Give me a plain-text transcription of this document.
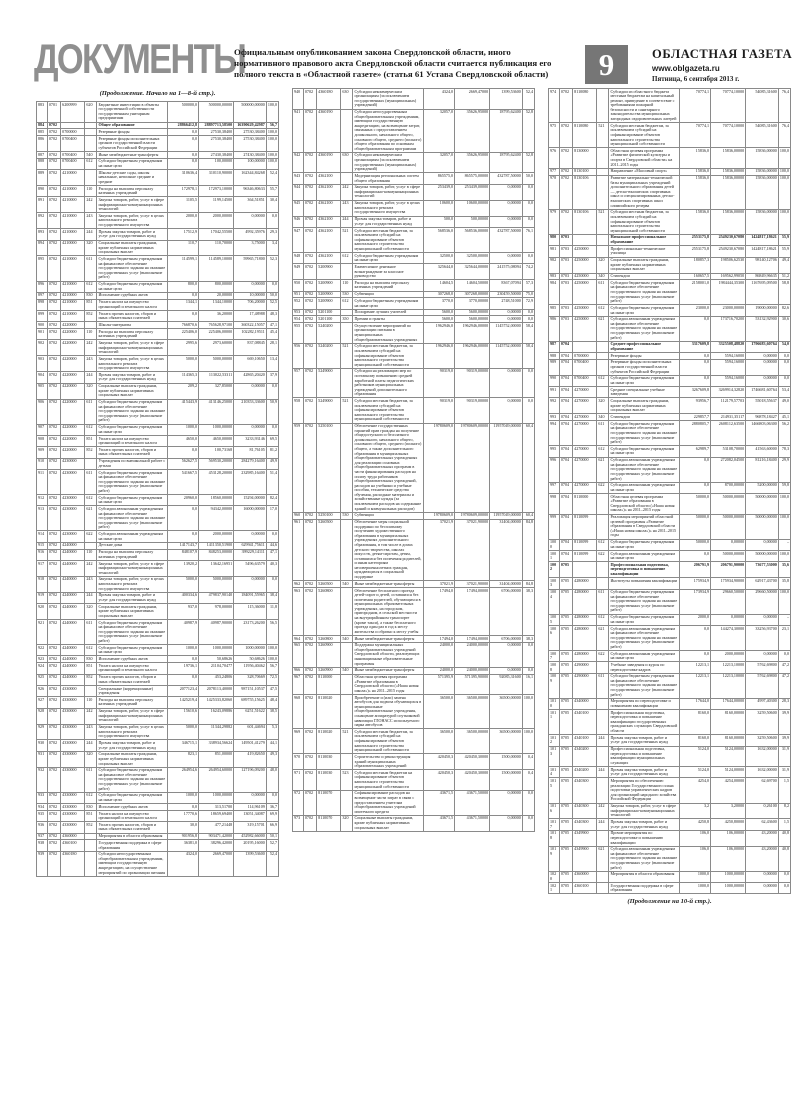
ДОКУМЕНТЫ
Официальным опубликованием закона Свердловской области, иного нормативного правового акта Свердловской области считается публикация его полного текста в «Областной газете» (статья 61 Устава Свердловской области)	9	ОБЛАСТНАЯ ГАЗЕТА
www.oblgazeta.ru
Пятница, 6 сентября 2013 г.
(Продолжение. Начало на 1—8-й стр.).
883	0701	6200999	620	Бюджетные инвестиции в объекты государственной собственности государственным унитарным предприятиям	500000,0	500000,00000	500000,00000	100,0
884	0702			Общее образование	28866412,8	28897713,58500	16390629,42987	56,7
885	0702	0700000		Резервные фонды	0,0	27530,38400	27530,38400	100,0
886	0702	0700400		Резервные фонды исполнительных органов государственной власти субъектов Российской Федерации	0,0	27530,38400	27530,38400	100,0
887	0702	0700400	540	Иные межбюджетные трансферты	0,0	27430,38400	27430,38400	100,0
888	0702	0700400	612	Субсидии бюджетным учреждениям на иные цели	0,0	100,00000	100,00000	100,0
889	0702	4210000		Школы-детские сады, школы начальные, неполные средние и средние	310636,4	310110,90000	162344,84268	52,4
890	0702	4210000	110	Расходы на выплаты персоналу казенных учреждений	172978,1	172973,10000	96346,80633	55,7
891	0702	4210000	242	Закупка товаров, работ, услуг в сфере информационно-коммуникационных технологий	1105,5	1199,14500	364,51851	30,4
892	0702	4210000	243	Закупка товаров, работ, услуг в целях капитального ремонта государственного имущества	2000,0	2000,00000	0,00000	0,0
893	0702	4210000	244	Прочая закупка товаров, работ и услуг для государственных нужд	17512,9	17042,55500	4992,35976	29,3
894	0702	4210000	320	Социальные выплаты гражданам, кроме публичных нормативных социальных выплат	110,7	110,70000	3,75000	3,4
895	0702	4210000	611	Субсидии бюджетным учреждениям на финансовое обеспечение государственного задания на оказание государственных услуг (выполнение работ)	114599,1	114589,10000	59965,71800	52,3
896	0702	4210000	612	Субсидии бюджетным учреждениям на иные цели	800,0	800,00000	0,00000	0,0
897	0702	4210000	830	Исполнение судебных актов	0,0	20,00000	10,00000	50,0
898	0702	4210000	851	Уплата налога на имущество организаций и земельного налога	1344,1	1344,10000	706,20000	52,5
899	0702	4210000	852	Уплата прочих налогов, сборов и иных обязательных платежей	0,0	36,20000	17,48988	48,3
900	0702	4220000		Школы-интернаты	766870,6	765628,97100	360322,15057	47,1
901	0702	4220000	110	Расходы на выплаты персоналу казенных учреждений	225406,0	225406,00000	102282,19511	45,4
902	0702	4220000	242	Закупка товаров, работ, услуг в сфере информационно-коммуникационных технологий	2995,6	2973,60000	837,08845	28,1
903	0702	4220000	243	Закупка товаров, работ, услуг в целях капитального ремонта государственного имущества	5000,0	5000,00000	669,10650	13,4
904	0702	4220000	244	Прочая закупка товаров, работ и услуг для государственных нужд	114365,3	113022,53311	42865,20420	37,9
905	0702	4220000	320	Социальные выплаты гражданам, кроме публичных нормативных социальных выплат	209,2	327,85000	0,00000	0,0
906	0702	4220000	611	Субсидии бюджетным учреждениям на финансовое обеспечение государственного задания на оказание государственных услуг (выполнение работ)	415443,9	413146,25000	210353,33600	50,9
907	0702	4220000	612	Субсидии бюджетным учреждениям на иные цели	1000,0	1000,00000	0,00000	0,0
908	0702	4220000	851	Уплата налога на имущество организаций и земельного налога	4650,0	4650,00000	3233,93146	69,5
909	0702	4220000	852	Уплата прочих налогов, сборов и иных обязательных платежей	0,0	100,73168	81,76105	81,2
910	0702	4230000		Учреждения по внешкольной работе с детьми	562627,5	569530,20000	284279,16400	49,9
911	0702	4230000	611	Субсидии бюджетным учреждениям на финансовое обеспечение государственного задания на оказание государственных услуг (выполнение работ)	541667,5	453128,20000	232985,16400	51,4
912	0702	4230000	612	Субсидии бюджетным учреждениям на иные цели	20960,0	18560,00000	15294,00000	82,4
913	0702	4230000	621	Субсидии автономным учреждениям на финансовое обеспечение государственного задания на оказание государственных услуг (выполнение работ)	0,0	94342,00000	16000,00000	17,0
914	0702	4230000	622	Субсидии автономным учреждениям на иные цели	0,0	2000,00000	0,00000	0,0
915	0702	4240000		Детские дома	1417143,7	1411350,51900	629941,75611	44,6
916	0702	4240000	110	Расходы на выплаты персоналу казенных учреждений	848107,9	848253,00000	399229,14111	47,1
917	0702	4240000	242	Закупка товаров, работ, услуг в сфере информационно-коммуникационных технологий	13920,2	13642,16951	5496,63579	40,3
918	0702	4240000	243	Закупка товаров, работ, услуг в целях капитального ремонта государственного имущества	5000,0	5000,00000	0,00000	0,0
919	0702	4240000	244	Прочая закупка товаров, работ и услуг для государственных нужд	400334,6	479837,90140	184091,55965	38,4
920	0702	4240000	320	Социальные выплаты гражданам, кроме публичных нормативных социальных выплат	937,0	978,00000	115,36000	11,8
921	0702	4240000	611	Субсидии бюджетным учреждениям на финансовое обеспечение государственного задания на оказание государственных услуг (выполнение работ)	40987,9	40987,90000	23173,26200	56,5
922	0702	4240000	612	Субсидии бюджетным учреждениям на иные цели	1000,0	1000,00000	1000,00000	100,0
923	0702	4240000	830	Исполнение судебных актов	0,0	50,68626	50,68626	100,0
924	0702	4240000	851	Уплата налога на имущество организаций и земельного налога	19736,1	21104,70477	11956,40462	56,7
925	0702	4240000	852	Уплата прочих налогов, сборов и иных обязательных платежей	0,0	453,24806	328,70669	72,5
926	0702	4330000		Специальные (коррекционные) учреждения	2077123,4	2078113,40000	987151,10537	47,5
927	0702	4330000	110	Расходы на выплаты персоналу казенных учреждений	1425219,4	1425333,82060	689755,15625	48,4
928	0702	4330000	242	Закупка товаров, работ, услуг в сфере информационно-коммуникационных технологий	15610,6	16243,09886	6251,51622	38,5
929	0702	4330000	243	Закупка товаров, работ, услуг в целях капитального ремонта государственного имущества	5000,0	11344,29882	601,44694	5,3
930	0702	4330000	244	Прочая закупка товаров, работ и услуг для государственных нужд	346715,1	338934,56624	149501,41279	44,1
931	0702	4330000	320	Социальные выплаты гражданам, кроме публичных нормативных социальных выплат	823,1	851,00000	419,82650	49,3
932	0702	4330000	611	Субсидии бюджетным учреждениям на финансовое обеспечение государственного задания на оказание государственных услуг (выполнение работ)	264954,6	264954,60000	127196,09200	48,0
933	0702	4330000	612	Субсидии бюджетным учреждениям на иные цели	1000,0	1000,00000	0,00000	0,0
934	0702	4330000	830	Исполнение судебных актов	0,0	313,51700	114,96109	36,7
935	0702	4330000	851	Уплата налога на имущество организаций и земельного налога	17770,6	18659,69400	13051,34087	69,9
936	0702	4330000	852	Уплата прочих налогов, сборов и иных обязательных платежей	30,0	477,21448	319,15701	66,9
937	0702	4360000		Мероприятия в области образования	901956,8	903471,42000	452982,66000	50,1
938	0702	4360100		Государственная поддержка в сфере образования	36381,0	38296,42000	20195,16000	52,7
939	0702	4360180		Субсидии негосударственным общеобразовательным учреждениям, имеющим государственную аккредитацию, на осуществление мероприятий по организации питания	4324,0	2669,47000	1399,53600	52,4
940	0702	4360180	630	Субсидии некоммерческим организациям (за исключением государственных (муниципальных) учреждений)	4324,0	2669,47000	1399,53600	52,4
941	0702	4360190		Субсидии негосударственным общеобразовательным учреждениям, имеющим государственную аккредитацию, на возмещение затрат, связанных с предоставлением дошкольного, начального общего, основного общего, среднего (полного) общего образования по основным общеобразовательным программам	32057,0	35626,95000	18795,62400	52,8
942	0702	4360190	630	Субсидии некоммерческим организациям (за исключением государственных (муниципальных) учреждений)	32057,0	35626,95000	18795,62400	52,8
943	0702	4362100		Модернизация региональных систем общего образования	865575,0	865575,00000	432787,50000	50,0
944	0702	4362100	242	Закупка товаров, работ, услуг в сфере информационно-коммуникационных технологий	253439,0	253439,00000	0,00000	0,0
945	0702	4362100	243	Закупка товаров, работ, услуг в целях капитального ремонта государственного имущества	10600,0	10600,00000	0,00000	0,0
946	0702	4362100	244	Прочая закупка товаров, работ и услуг для государственных нужд	500,0	500,00000	0,00000	0,0
947	0702	4362100	521	Субсидии местным бюджетам, за исключением субсидий на софинансирование объектов капитального строительства муниципальной собственности	568536,0	568536,00000	432787,50000	76,1
948	0702	4362100	612	Субсидии бюджетным учреждениям на иные цели	32500,0	32500,00000	0,00000	0,0
949	0702	5200900		Ежемесячное денежное вознаграждение за классное руководство	325644,0	325644,00000	241575,08094	74,2
950	0702	5200900	110	Расходы на выплаты персоналу казенных учреждений	14604,5	14604,50000	8367,07094	57,3
951	0702	5200900	530	Субвенции	307268,0	307268,00000	230459,50000	75,0
952	0702	5200900	612	Субсидии бюджетным учреждениям на иные цели	3770,0	3770,00000	2748,51000	72,9
953	0702	5201100		Поощрение лучших учителей	5600,0	5600,00000	0,00000	0,0
954	0702	5201100	350	Премии и гранты	5600,0	5600,00000	0,00000	0,0
955	0702	5240200		Осуществление мероприятий по организации питания в муниципальных общеобразовательных учреждениях	1962946,0	1962946,00000	1145752,00000	58,4
956	0702	5240200	521	Субсидии местным бюджетам, за исключением субсидий на софинансирование объектов капитального строительства муниципальной собственности	1962946,0	1962946,00000	1145752,00000	58,4
957	0702	5249000		Субсидии на реализацию мер по поэтапному повышению средней заработной платы педагогических работников муниципальных учреждений дополнительного образования	90319,0	90319,00000	0,00000	0,0
958	0702	5249000	521	Субсидии местным бюджетам, за исключением субсидий на софинансирование объектов капитального строительства муниципальной собственности	90319,0	90319,00000	0,00000	0,0
959	0702	5250100		Обеспечение государственных гарантий прав граждан на получение общедоступного и бесплатного дошкольного, начального общего, основного общего, среднего (полного) общего, а также дополнительного образования в муниципальных общеобразовательных учреждениях для реализации основных общеобразовательных программ в части финансирования расходов на оплату труда работников общеобразовательных учреждений, расходов на учебники и учебные пособия, технические средства обучения, расходные материалы и хозяйственные нужды (за исключением расходов на содержание зданий и коммунальных расходов)	19780609,0	19780609,00000	11957049,00000	60,4
960	0702	5250100	530	Субвенции	19780609,0	19780609,00000	11957049,00000	60,4
961	0702	5260500		Обеспечение меры социальной поддержки по бесплатному получению художественного образования в муниципальных учреждениях дополнительного образования, в том числе в домах детского творчества, школах искусств, детям-сиротам, детям, оставшимся без попечения родителей, и иным категориям несовершеннолетних граждан, нуждающихся в социальной поддержке	37021,9	37021,90000	31404,00000	84,8
962	0702	5260500	540	Иные межбюджетные трансферты	37021,9	37021,90000	31404,00000	84,8
963	0702	5260800		Обеспечение бесплатного проезда детей-сирот и детей, оставшихся без попечения родителей, обучающихся в муниципальных образовательных учреждениях, на городском, пригородном, в сельской местности на внутрирайонном транспорте (кроме такси), а также бесплатного проезда один раз в год к месту жительства и обратно к месту учебы	17494,0	17494,00000	6706,00000	38,3
964	0702	5260800	540	Иные межбюджетные трансферты	17494,0	17494,00000	6706,00000	38,3
965	0702	5260900		Поддержка муниципальных общеобразовательных учреждений Свердловской области, реализующих инновационные образовательные программы	24000,0	24000,00000	0,00000	0,0
966	0702	5260900	540	Иные межбюджетные трансферты	24000,0	24000,00000	0,00000	0,0
967	0702	8110000		Областная целевая программа «Развитие образования в Свердловской области («Наша новая школа»)» на 2011–2015 годы	571395,9	571395,90000	92085,31600	16,1
968	0702	8110020		Приобретение и (или) замена автобусов для подвоза обучающихся в муниципальные общеобразовательные учреждения, оснащение аппаратурой спутниковой навигации ГЛОНАСС используемого парка автобусов	36500,0	36500,00000	36500,00000	100,0
969	0702	8110020	521	Субсидии местным бюджетам, за исключением субсидий на софинансирование объектов капитального строительства муниципальной собственности	36500,0	36500,00000	36500,00000	100,0
970	0702	8110030		Строительство и реконструкция зданий муниципальных образовательных учреждений	420450,3	420450,30000	1500,00000	0,4
971	0702	8110030	523	Субсидии местным бюджетам на софинансирование объектов капитального строительства муниципальной собственности	420450,3	420450,30000	1500,00000	0,4
972	0702	8110070		Софинансирование расходов на возмещение части затрат в связи с предоставлением учителям общеобразовательных учреждений ипотечного кредита	43671,5	43671,50000	0,00000	0,0
973	0702	8110070	320	Социальные выплаты гражданам, кроме публичных нормативных социальных выплат	43671,5	43671,50000	0,00000	0,0
974	0702	8110080		Субсидии из областного бюджета местным бюджетам на капитальный ремонт, приведение в соответствие с требованиями пожарной безопасности и санитарного законодательства муниципальных загородных оздоровительных лагерей	70774,1	70774,10000	54085,31600	76,4
975	0702	8110080	521	Субсидии местным бюджетам, за исключением субсидий на софинансирование объектов капитального строительства муниципальной собственности	70774,1	70774,10000	54085,31600	76,4
976	0702	8130000		Областная целевая программа «Развитие физической культуры и спорта в Свердловской области» на 2011–2015 годы	15836,0	15836,00000	15836,00000	100,0
977	0702	8130100		Направление «Массовый спорт»	15836,0	15836,00000	15836,00000	100,0
978	0702	8130106		Развитие материально-технической базы муниципальных учреждений дополнительного образования детей — детско-юношеских спортивных школ и специализированных детско-юношеских спортивных школ олимпийского резерва	15836,0	15836,00000	15836,00000	100,0
979	0702	8130106	521	Субсидии местным бюджетам, за исключением субсидий на софинансирование объектов капитального строительства муниципальной собственности	15836,0	15836,00000	15836,00000	100,0
980	0703			Начальное профессиональное образование	2553175,8	2549230,67080	1424817,18621	55,9
981	0703	4250000		Профессионально-технические училища	2553175,8	2549230,67080	1424817,18621	55,9
982	0703	4250000	320	Социальные выплаты гражданам, кроме публичных нормативных социальных выплат	180857,3	198506,62530	98140,12706	49,4
983	0703	4250000	340	Стипендии	160657,5	169562,99050	86849,96635	51,2
984	0703	4250000	611	Субсидии бюджетным учреждениям на финансовое обеспечение государственного задания на оказание государственных услуг (выполнение работ)	2158001,0	1984444,35300	1167695,09500	58,8
985	0703	4250000	612	Субсидии бюджетным учреждениям на иные цели	23000,0	23000,00000	19000,00000	82,6
986	0703	4250000	621	Субсидии автономным учреждениям на финансовое обеспечение государственного задания на оказание государственных услуг (выполнение работ)	0,0	173716,70200	53132,92900	30,6
987	0704			Среднее профессиональное образование	3317609,8	3325508,48820	1796683,60764	54,0
988	0704	0700000		Резервные фонды	0,0	5594,16000	0,00000	0,0
989	0704	0700400		Резервные фонды исполнительных органов государственной власти субъектов Российской Федерации	0,0	5594,16000	0,00000	0,0
990	0704	0700400	612	Субсидии бюджетным учреждениям на иные цели	0,0	5594,16000	0,00000	0,0
991	0704	4270000		Средние специальные учебные заведения	3267609,8	3269914,32820	1746681,60764	53,4
992	0704	4270000	320	Социальные выплаты гражданам, кроме публичных нормативных социальных выплат	93956,7	112179,57703	55018,55637	49,0
993	0704	4270000	340	Стипендии	229857,7	214931,35117	96878,18427	45,1
994	0704	4270000	611	Субсидии бюджетным учреждениям на финансовое обеспечение государственного задания на оказание государственных услуг (выполнение работ)	2880805,7	2608112,63500	1466803,06300	56,2
995	0704	4270000	612	Субсидии бюджетным учреждениям на иные цели	62989,7	53108,70000	41563,60000	78,3
996	0704	4270000	621	Субсидии автономным учреждениям на финансовое обеспечение государственного задания на оказание государственных услуг (выполнение работ)	0,0	272082,04500	81216,18400	29,9
997	0704	4270000	622	Субсидии автономным учреждениям на иные цели	0,0	8700,00000	5200,00000	59,8
998	0704	8110000		Областная целевая программа «Развитие образования в Свердловской области («Наша новая школа»)» на 2011–2015 годы	50000,0	50000,00000	50000,00000	100,0
999	0704	8110099		Реализация мероприятий областной целевой программы «Развитие образования в Свердловской области («Наша новая школа»)» на 2011–2015 годы	50000,0	50000,00000	50000,00000	100,0
1000	0704	8110099	612	Субсидии бюджетным учреждениям на иные цели	50000,0	0,00000	0,00000	–
1001	0704	8110099	622	Субсидии автономным учреждениям на иные цели	0,0	50000,00000	50000,00000	100,0
1002	0705			Профессиональная подготовка, переподготовка и повышение квалификации	206791,9	206791,90000	73677,53000	35,6
1003	0705	4280000		Институты повышения квалификации	175934,9	175934,90000	62917,43700	35,8
1004	0705	4280000	611	Субсидии бюджетным учреждениям на финансовое обеспечение государственного задания на оказание государственных услуг (выполнение работ)	173934,9	29660,50000	29660,50000	100,0
1005	0705	4280000	612	Субсидии бюджетным учреждениям на иные цели	2000,0	0,00000	0,00000	–
1006	0705	4280000	621	Субсидии автономным учреждениям на финансовое обеспечение государственного задания на оказание государственных услуг (выполнение работ)	0,0	144274,30000	33256,93700	23,1
1007	0705	4280000	622	Субсидии автономным учреждениям на иные цели	0,0	2000,00000	0,00000	0,0
1008	0705	4290000		Учебные заведения и курсы по переподготовке кадров	12213,1	12213,10000	5762,69800	47,2
1009	0705	4290000	611	Субсидии бюджетным учреждениям на финансовое обеспечение государственного задания на оказание государственных услуг (выполнение работ)	12213,1	12213,10000	5762,69800	47,2
1010	0705	4340000		Мероприятия по переподготовке и повышению квалификации	17644,0	17644,00000	4997,40300	28,3
1011	0705	4340100		Профессиональная подготовка, переподготовка и повышение квалификации государственных гражданских служащих Свердловской области	8160,0	8160,00000	3259,50600	39,9
1012	0705	4340100	244	Прочая закупка товаров, работ и услуг для государственных нужд	8160,0	8160,00000	3259,50600	39,9
1013	0705	4340200		Профессиональная подготовка, переподготовка и повышение квалификации муниципальных служащих	5124,0	5124,00000	1632,00000	31,9
1014	0705	4340200	244	Прочая закупка товаров, работ и услуг для государственных нужд	5124,0	5124,00000	1632,00000	31,9
1015	0705	4340300		Мероприятия по обеспечению реализации Государственного плана подготовки управленческих кадров для организаций народного хозяйства Российской Федерации	4254,0	4254,00000	62,69700	1,5
1016	0705	4340300	242	Закупка товаров, работ, услуг в сфере информационно-коммуникационных технологий	3,2	3,20000	0,26100	8,2
1017	0705	4340300	244	Прочая закупка товаров, работ и услуг для государственных нужд	4250,8	4250,80000	62,43600	1,5
1018	0705	4349900		Прочие мероприятия по переподготовке и повышению квалификации	106,0	106,00000	43,20000	40,8
1019	0705	4349900	621	Субсидии автономным учреждениям на финансовое обеспечение государственного задания на оказание государственных услуг (выполнение работ)	106,0	106,00000	43,20000	40,8
1020	0705	4360000		Мероприятия в области образования	1000,0	1000,00000	0,00000	0,0
1021	0705	4360100		Государственная поддержка в сфере образования	1000,0	1000,00000	0,00000	0,0
(Продолжение на 10-й стр.).
